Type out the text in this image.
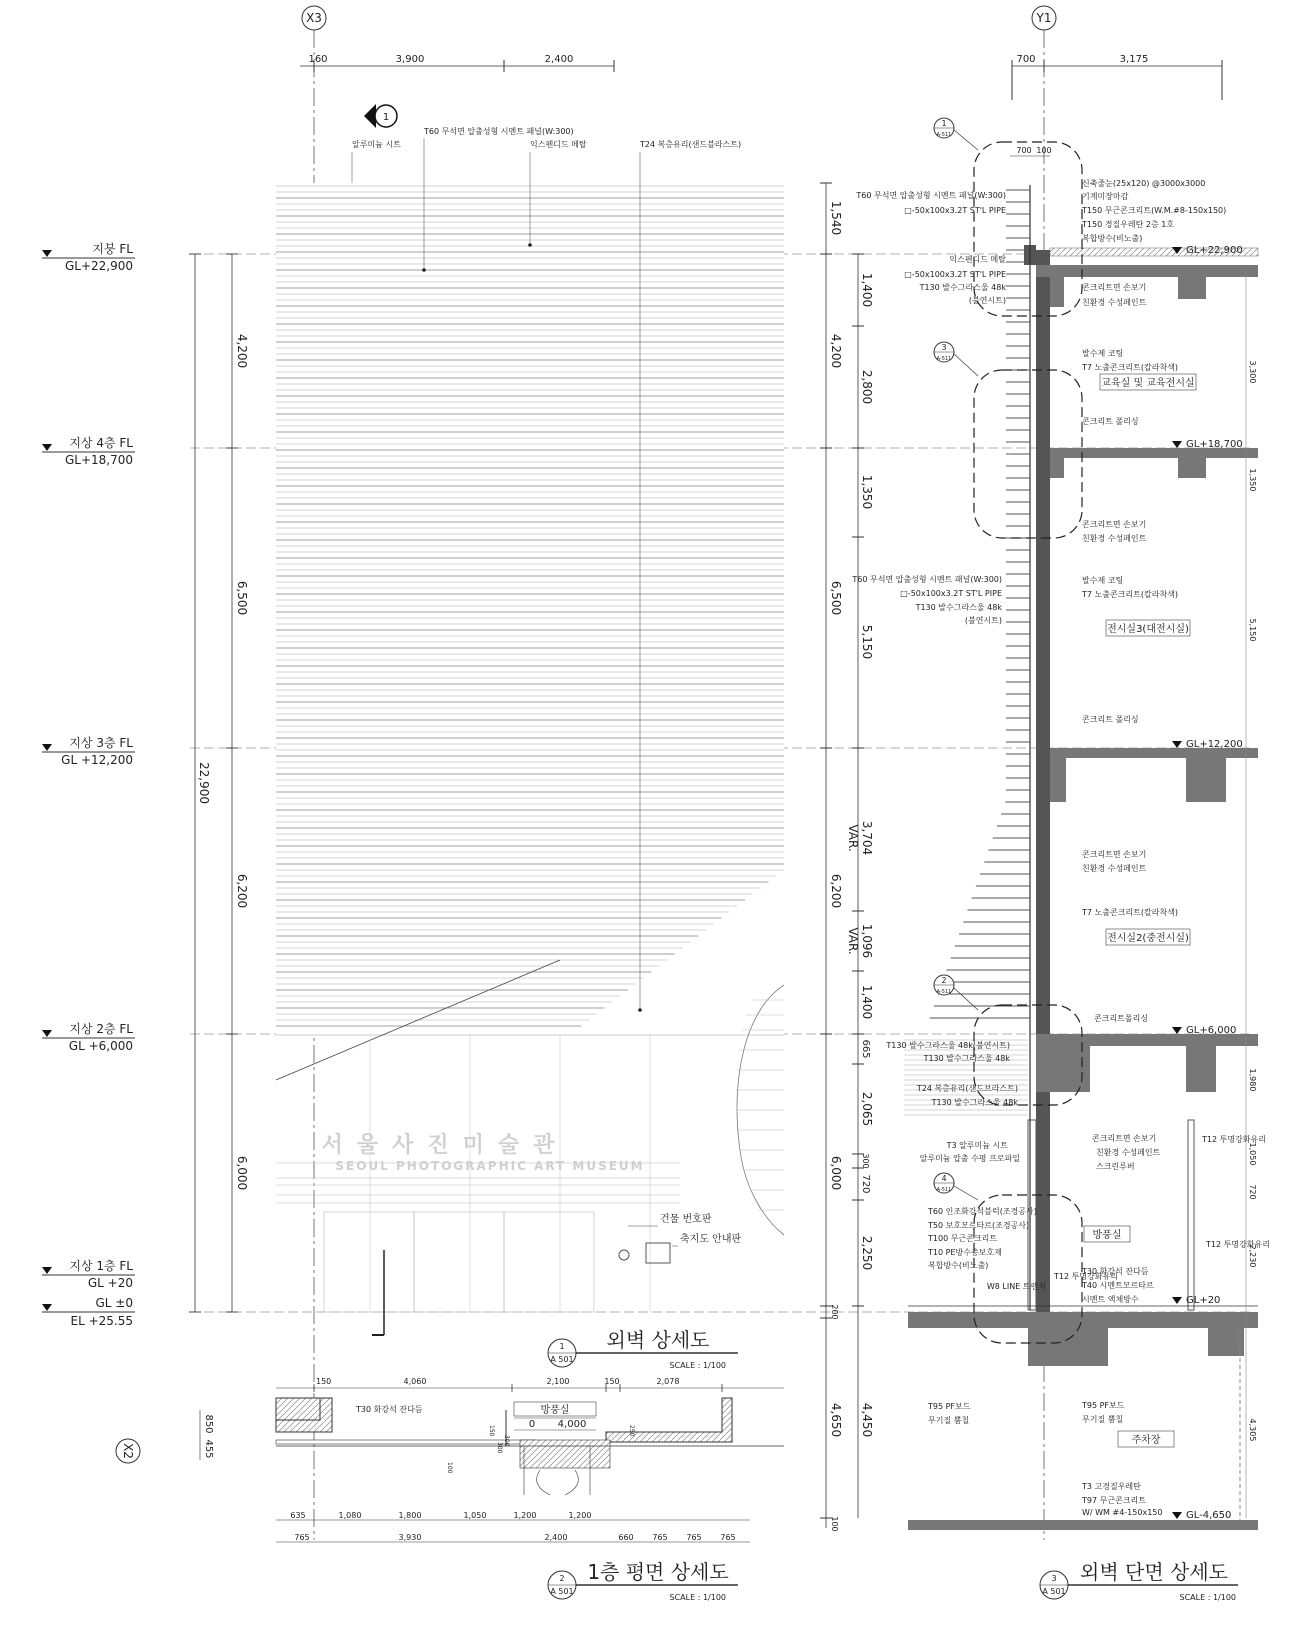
X3	Y1
X2
160	3,900	2,400	700	3,175
1
지붕 FL
GL+22,900
지상 4층 FL
GL+18,700
지상 3층 FL
GL +12,200
지상 2층 FL
GL +6,000
지상 1층 FL
GL +20
GL ±0
EL +25.55
22,900
4,200
6,500
6,200
6,000
서울사진미술관
SEOUL PHOTOGRAPHIC ART MUSEUM
알루미늄 시트
T60 무석면 압출성형 시멘트 패널(W:300)
익스펜디드 메탈	T24 복층유리(샌드블라스트)
건물 번호판
축지도 안내판
1
A-511
3
A-511
2
A-511
4
A-511
700 100
GL+22,900
GL+18,700
GL+12,200
GL+6,000
GL+20
GL-4,650
1,540
4,200
6,500
6,200
6,000
4,650
200
100
1,400
2,800
1,350
5,150
3,704
VAR.
1,096
VAR.
1,400
665
2,065
300
720
2,250
4,450
3,300
1,350
5,150
1,980
1,050
720
2,230
4,305
교육실 및 교육전시실
전시실3(대전시실)
전시실2(중전시실)
방풍실
주차장
신축줄눈(25x120) @3000x3000
기계미장마감
T150 무근콘크리트(W.M.#8-150x150)
T150 경질우레탄 2층 1호
복합방수(비노출)
콘크리트면 손보기
친환경 수성페인트
발수제 코팅
T7 노출콘크리트(칼라착색)
콘크리트 폴리싱
콘크리트면 손보기
친환경 수성페인트
발수제 코팅
T7 노출콘크리트(칼라착색)
콘크리트 폴리싱
콘크리트면 손보기
친환경 수성페인트
T7 노출콘크리트(칼라착색)
콘크리트폴리싱
콘크리트면 손보기
친환경 수성페인트
스크린루버
T12 투명강화유리
T12 투명강화유리
T30 화강석 잔다듬
T40 시멘트모르타르
시멘트 액체방수
T95 PF보드
무기질 뿜칠
T3 고경질우레탄
T97 무근콘크리트
W/ WM #4-150x150
T60 무석면 압출성형 시멘트 패널(W:300)
□-50x100x3.2T ST'L PIPE
익스펜디드 메탈
□-50x100x3.2T ST'L PIPE
T130 발수그라스울 48k
(불연시트)
T60 무석면 압출성형 시멘트 패널(W:300)
□-50x100x3.2T ST'L PIPE
T130 발수그라스울 48k
(불연시트)
T130 발수그라스울 48k(불연시트)
T130 발수그라스울 48k
T24 복층유리(샌드브라스트)
T130 발수그라스울 48k
T3 알루미늄 시트
알루미늄 압출 수평 프로파일
T60 인조화강석블럭(조경공사)
T50 보호모르타르(조경공사)
T100 무근콘크리트
T10 PE방수층보호재
복합방수(비노출)
W8 LINE 트렌치
T12 투명강화유리
T95 PF보드
무기질 뿜칠
150	4,060	2,100	150	2,078
방풍실
0 4,000
T30 화강석 잔다듬
150
300
250
300
100
850
455
635	1,080	1,800	1,050	1,200	1,200
765	3,930	2,400	660 765 765 765
1
A 501
외벽 상세도
SCALE : 1/100
2
A 501
1층 평면 상세도
SCALE : 1/100
3
A 501
외벽 단면 상세도
SCALE : 1/100
